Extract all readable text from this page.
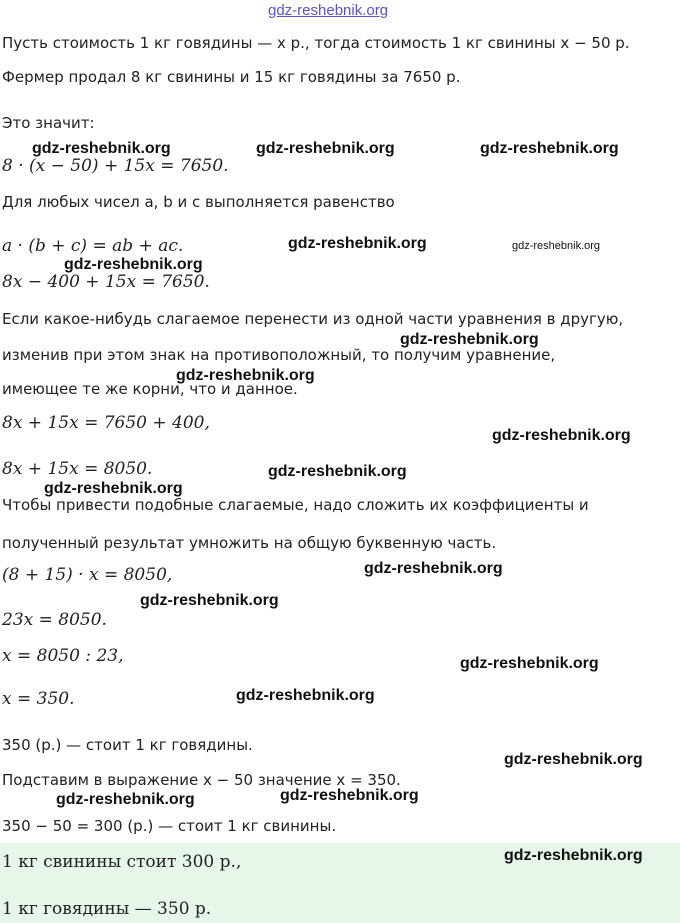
gdz-reshebnik.org
Пусть стоимость 1 кг говядины — x р., тогда стоимость 1 кг свинины x − 50 р.
Фермер продал 8 кг свинины и 15 кг говядины за 7650 р.
Это значит:
8 · (x − 50) + 15x = 7650.
Для любых чисел a, b и c выполняется равенство
a · (b + c) = ab + ac.
8x − 400 + 15x = 7650.
Если какое-нибудь слагаемое перенести из одной части уравнения в другую,
изменив при этом знак на противоположный, то получим уравнение,
имеющее те же корни, что и данное.
8x + 15x = 7650 + 400,
8x + 15x = 8050.
Чтобы привести подобные слагаемые, надо сложить их коэффициенты и
полученный результат умножить на общую буквенную часть.
(8 + 15) · x = 8050,
23x = 8050.
x = 8050 : 23,
x = 350.
350 (р.) — стоит 1 кг говядины.
Подставим в выражение x − 50 значение x = 350.
350 − 50 = 300 (р.) — стоит 1 кг свинины.
1 кг свинины стоит 300 р.,
1 кг говядины — 350 р.
gdz-reshebnik.org	gdz-reshebnik.org	gdz-reshebnik.org
gdz-reshebnik.org	gdz-reshebnik.org
gdz-reshebnik.org
gdz-reshebnik.org
gdz-reshebnik.org
gdz-reshebnik.org
gdz-reshebnik.org
gdz-reshebnik.org
gdz-reshebnik.org
gdz-reshebnik.org
gdz-reshebnik.org
gdz-reshebnik.org
gdz-reshebnik.org
gdz-reshebnik.org
gdz-reshebnik.org
gdz-reshebnik.org
